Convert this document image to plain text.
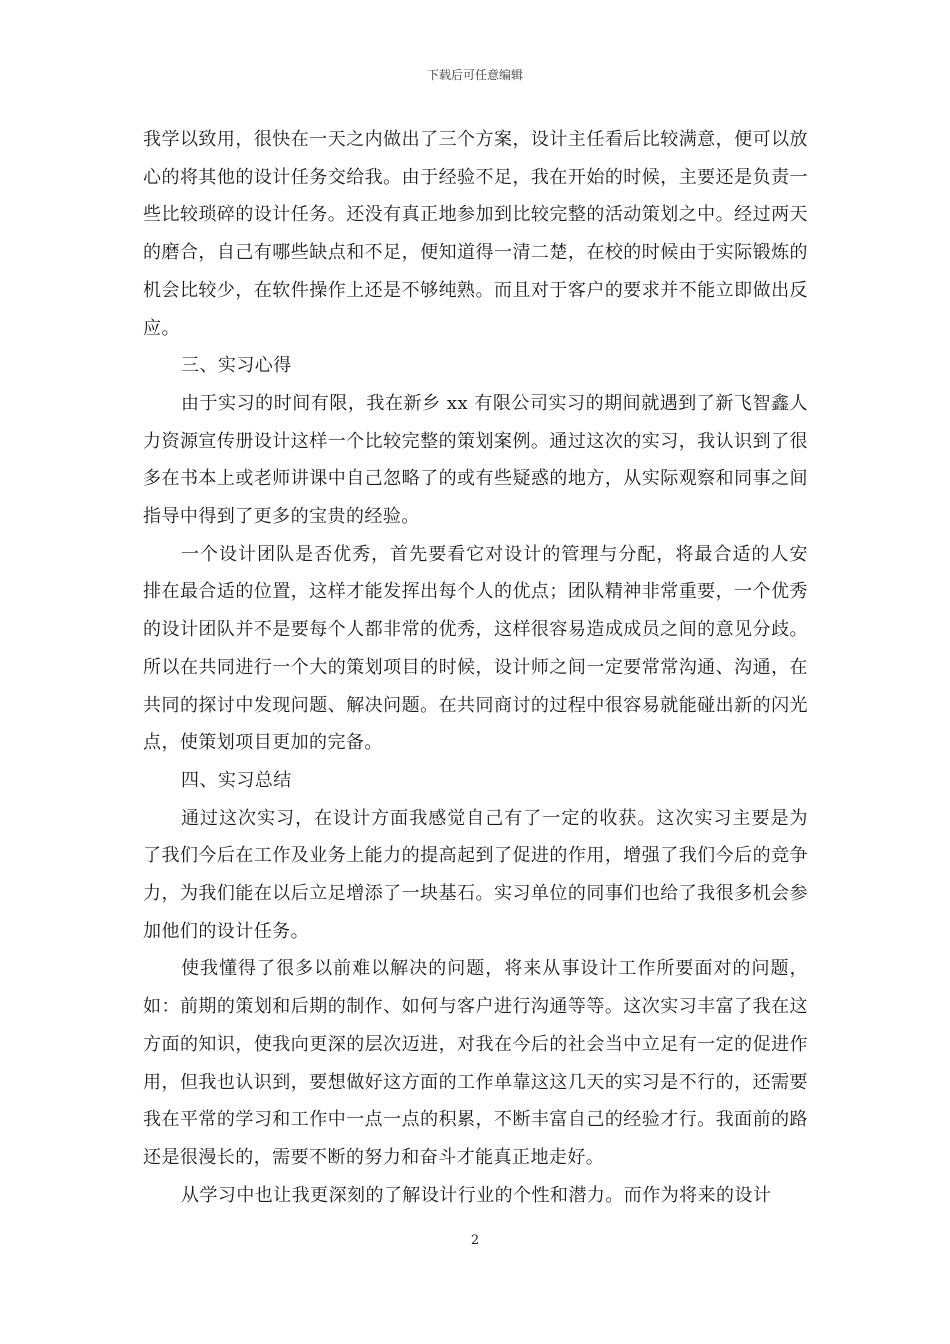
下载后可任意编辑

我学以致用，很快在一天之内做出了三个方案，设计主任看后比较满意，便可以放心的将其他的设计任务交给我。由于经验不足，我在开始的时候，主要还是负责一些比较琐碎的设计任务。还没有真正地参加到比较完整的活动策划之中。经过两天的磨合，自己有哪些缺点和不足，便知道得一清二楚，在校的时候由于实际锻炼的机会比较少，在软件操作上还是不够纯熟。而且对于客户的要求并不能立即做出反应。

三、实习心得

由于实习的时间有限，我在新乡 xx 有限公司实习的期间就遇到了新飞智鑫人力资源宣传册设计这样一个比较完整的策划案例。通过这次的实习，我认识到了很多在书本上或老师讲课中自己忽略了的或有些疑惑的地方，从实际观察和同事之间指导中得到了更多的宝贵的经验。

一个设计团队是否优秀，首先要看它对设计的管理与分配，将最合适的人安排在最合适的位置，这样才能发挥出每个人的优点；团队精神非常重要，一个优秀的设计团队并不是要每个人都非常的优秀，这样很容易造成成员之间的意见分歧。所以在共同进行一个大的策划项目的时候，设计师之间一定要常常沟通、沟通，在共同的探讨中发现问题、解决问题。在共同商讨的过程中很容易就能碰出新的闪光点，使策划项目更加的完备。

四、实习总结

通过这次实习，在设计方面我感觉自己有了一定的收获。这次实习主要是为了我们今后在工作及业务上能力的提高起到了促进的作用，增强了我们今后的竞争力，为我们能在以后立足增添了一块基石。实习单位的同事们也给了我很多机会参加他们的设计任务。

使我懂得了很多以前难以解决的问题，将来从事设计工作所要面对的问题，如：前期的策划和后期的制作、如何与客户进行沟通等等。这次实习丰富了我在这方面的知识，使我向更深的层次迈进，对我在今后的社会当中立足有一定的促进作用，但我也认识到，要想做好这方面的工作单靠这这几天的实习是不行的，还需要我在平常的学习和工作中一点一点的积累，不断丰富自己的经验才行。我面前的路还是很漫长的，需要不断的努力和奋斗才能真正地走好。

从学习中也让我更深刻的了解设计行业的个性和潜力。而作为将来的设计

2
